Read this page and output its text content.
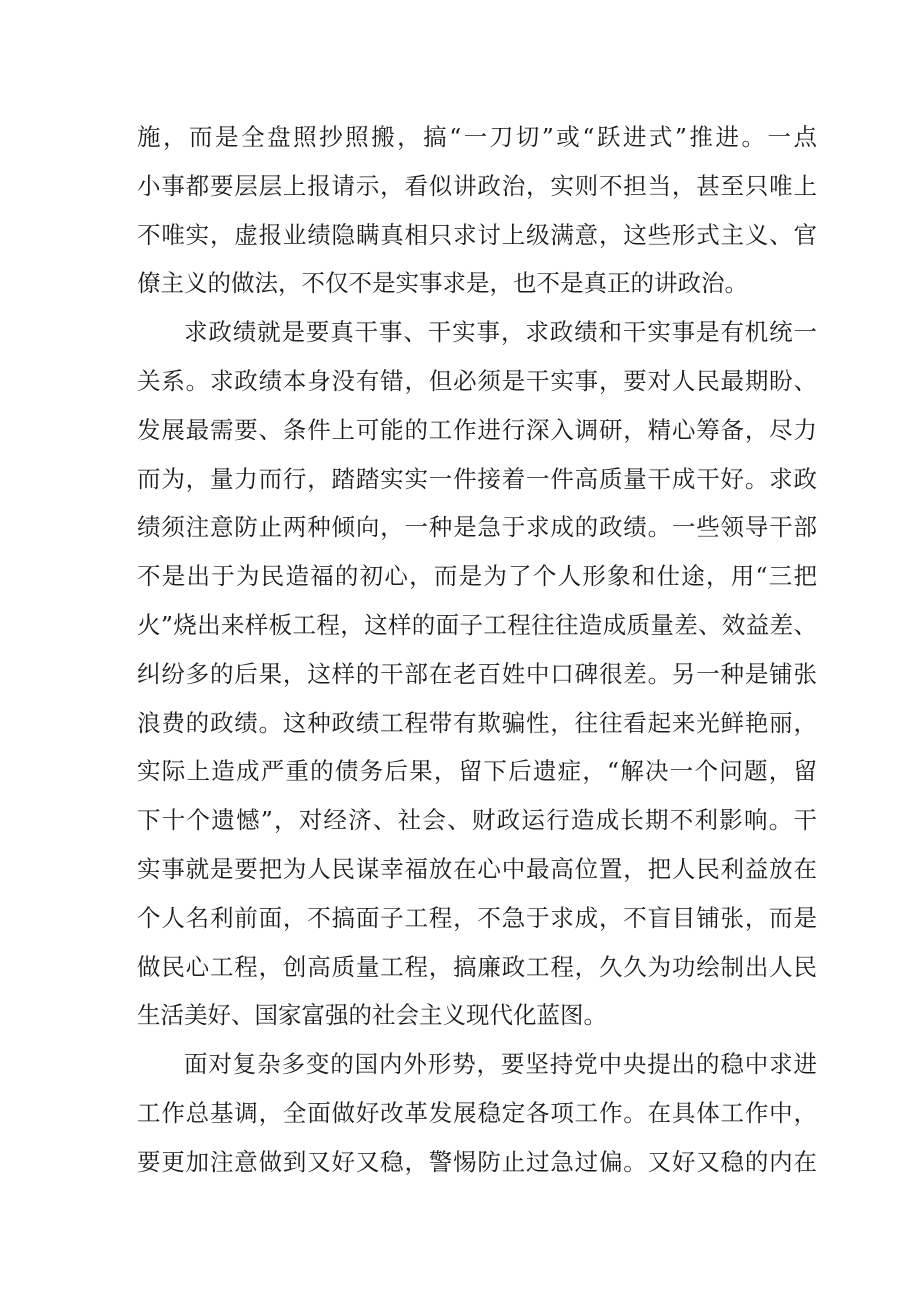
施，而是全盘照抄照搬，搞“一刀切”或“跃进式”推进。一点
小事都要层层上报请示，看似讲政治，实则不担当，甚至只唯上
不唯实，虚报业绩隐瞒真相只求讨上级满意，这些形式主义、官
僚主义的做法，不仅不是实事求是，也不是真正的讲政治。
求政绩就是要真干事、干实事，求政绩和干实事是有机统一
关系。求政绩本身没有错，但必须是干实事，要对人民最期盼、
发展最需要、条件上可能的工作进行深入调研，精心筹备，尽力
而为，量力而行，踏踏实实一件接着一件高质量干成干好。求政
绩须注意防止两种倾向，一种是急于求成的政绩。一些领导干部
不是出于为民造福的初心，而是为了个人形象和仕途，用“三把
火”烧出来样板工程，这样的面子工程往往造成质量差、效益差、
纠纷多的后果，这样的干部在老百姓中口碑很差。另一种是铺张
浪费的政绩。这种政绩工程带有欺骗性，往往看起来光鲜艳丽，
实际上造成严重的债务后果，留下后遗症，“解决一个问题，留
下十个遗憾”，对经济、社会、财政运行造成长期不利影响。干
实事就是要把为人民谋幸福放在心中最高位置，把人民利益放在
个人名利前面，不搞面子工程，不急于求成，不盲目铺张，而是
做民心工程，创高质量工程，搞廉政工程，久久为功绘制出人民
生活美好、国家富强的社会主义现代化蓝图。
面对复杂多变的国内外形势，要坚持党中央提出的稳中求进
工作总基调，全面做好改革发展稳定各项工作。在具体工作中，
要更加注意做到又好又稳，警惕防止过急过偏。又好又稳的内在
